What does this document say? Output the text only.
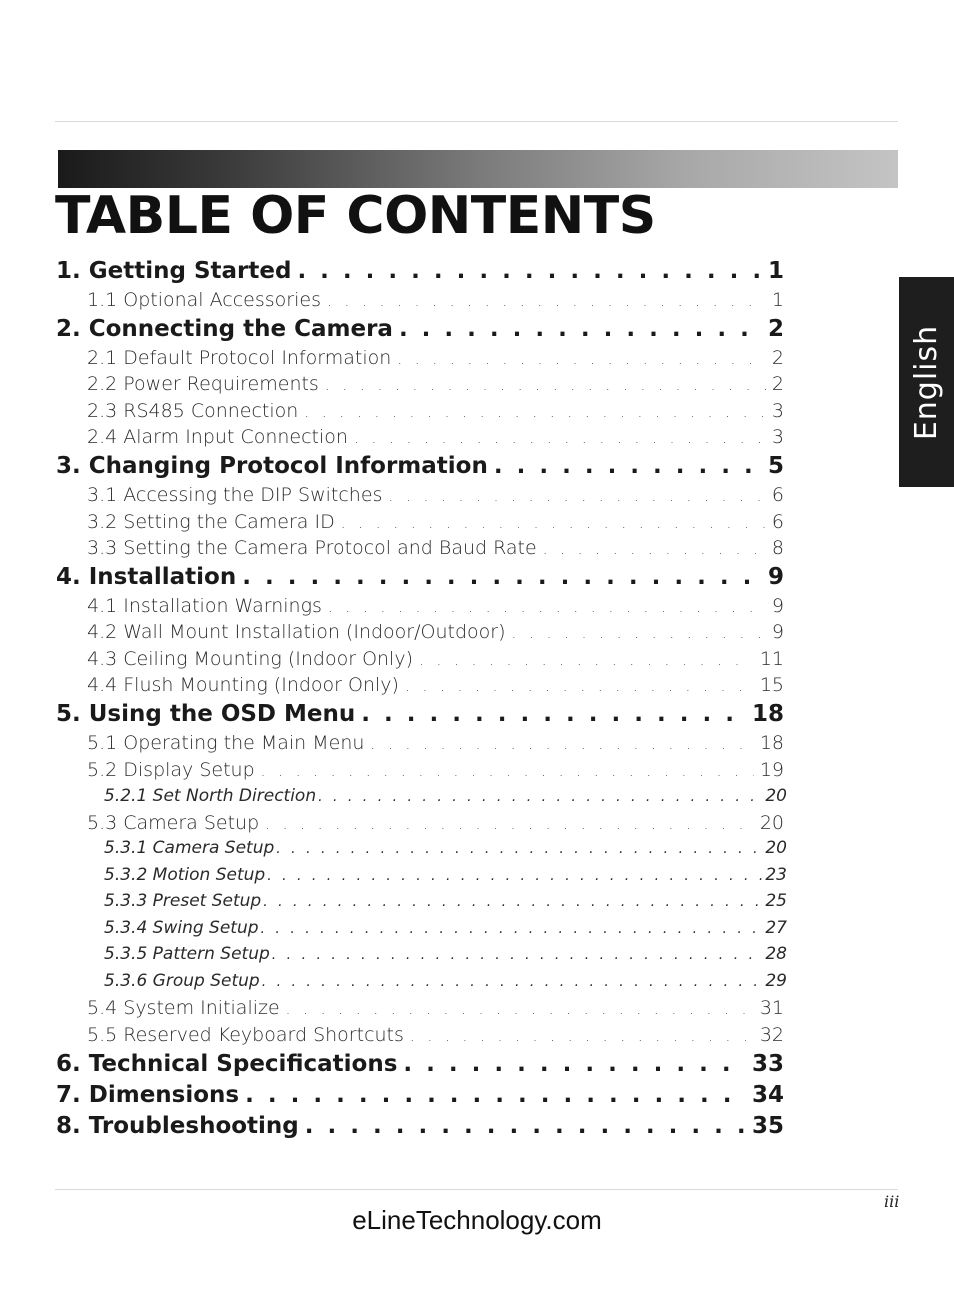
TABLE OF CONTENTS
English
1. Getting Started . . .	1
1.1 Optional Accessories . . .	1
2. Connecting the Camera . . .	2
2.1 Default Protocol Information . . .	2
2.2 Power Requirements . . .	2
2.3 RS485 Connection . . .	3
2.4 Alarm Input Connection . . .	3
3. Changing Protocol Information . . .	5
3.1 Accessing the DIP Switches . . .	6
3.2 Setting the Camera ID . . .	6
3.3 Setting the Camera Protocol and Baud Rate . . .	8
4. Installation . . .	9
4.1 Installation Warnings . . .	9
4.2 Wall Mount Installation (Indoor/Outdoor) . . .	9
4.3 Ceiling Mounting (Indoor Only) . . .	11
4.4 Flush Mounting (Indoor Only) . . .	15
5. Using the OSD Menu . . .	18
5.1 Operating the Main Menu . . .	18
5.2 Display Setup . . .	19
5.2.1 Set North Direction . . .	20
5.3 Camera Setup . . .	20
5.3.1 Camera Setup . . .	20
5.3.2 Motion Setup . . .	23
5.3.3 Preset Setup . . .	25
5.3.4 Swing Setup . . .	27
5.3.5 Pattern Setup . . .	28
5.3.6 Group Setup . . .	29
5.4 System Initialize . . .	31
5.5 Reserved Keyboard Shortcuts . . .	32
6. Technical Specifications . . .	33
7. Dimensions . . .	34
8. Troubleshooting . . .	35
iii
eLineTechnology.com
